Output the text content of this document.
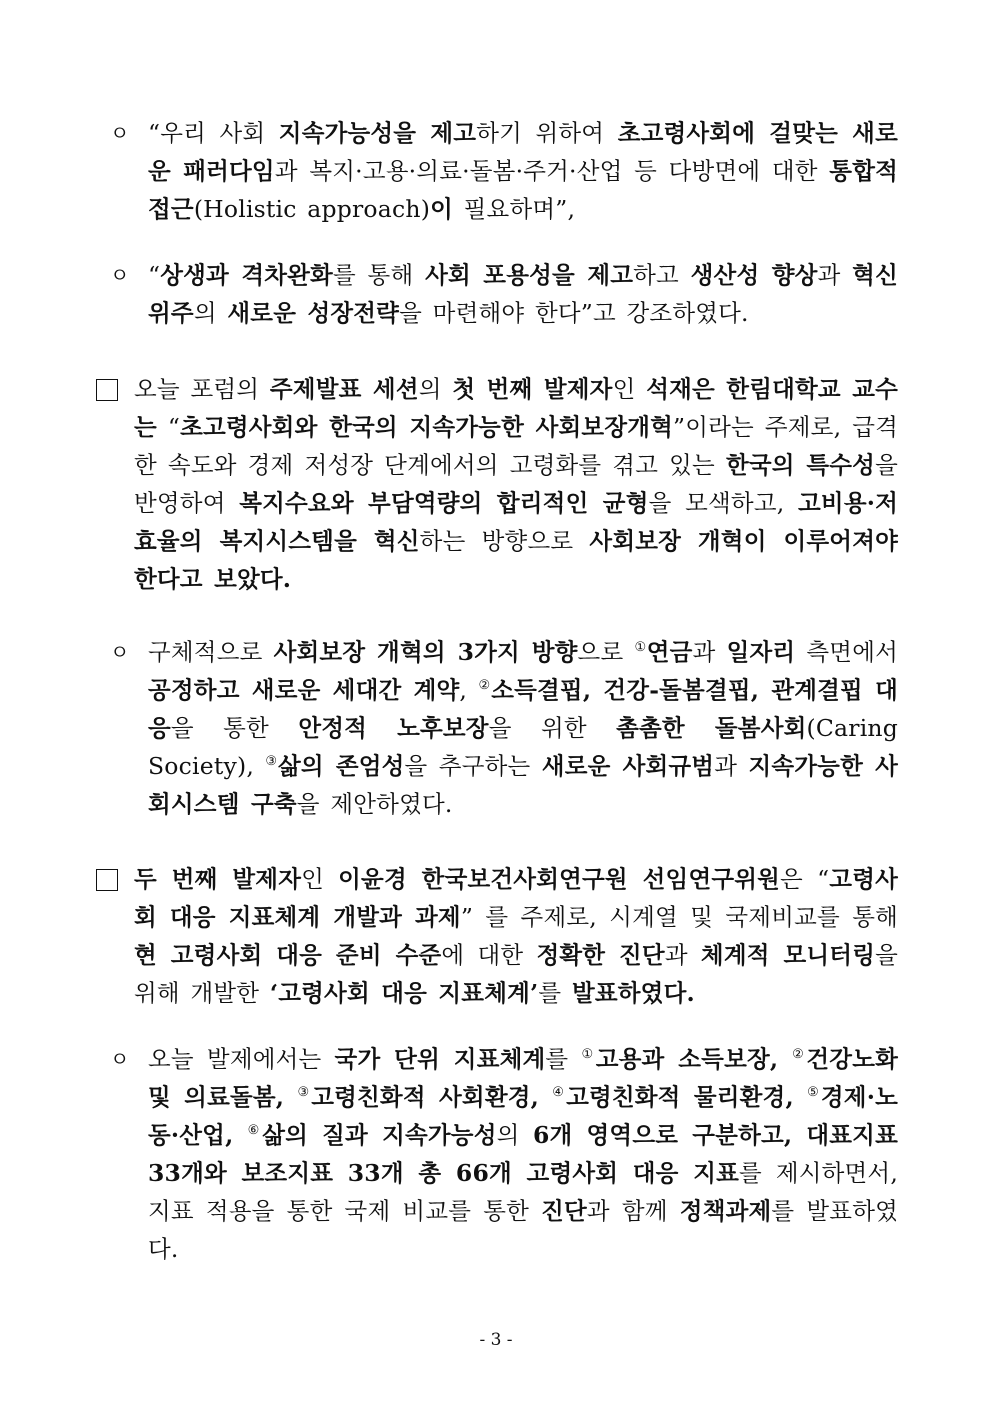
ㅇ “우리 사회 지속가능성을 제고하기 위하여 초고령사회에 걸맞는 새로운 패러다임과 복지·고용·의료·돌봄·주거·산업 등 다방면에 대한 통합적 접근(Holistic approach)이 필요하며”,
ㅇ “상생과 격차완화를 통해 사회 포용성을 제고하고 생산성 향상과 혁신 위주의 새로운 성장전략을 마련해야 한다”고 강조하였다.
오늘 포럼의 주제발표 세션의 첫 번째 발제자인 석재은 한림대학교 교수는 “초고령사회와 한국의 지속가능한 사회보장개혁”이라는 주제로, 급격한 속도와 경제 저성장 단계에서의 고령화를 겪고 있는 한국의 특수성을 반영하여 복지수요와 부담역량의 합리적인 균형을 모색하고, 고비용·저효율의 복지시스템을 혁신하는 방향으로 사회보장 개혁이 이루어져야 한다고 보았다.
ㅇ 구체적으로 사회보장 개혁의 3가지 방향으로 ①연금과 일자리 측면에서 공정하고 새로운 세대간 계약, ②소득결핍, 건강-돌봄결핍, 관계결핍 대응을 통한 안정적 노후보장을 위한 촘촘한 돌봄사회(Caring Society), ③삶의 존엄성을 추구하는 새로운 사회규범과 지속가능한 사회시스템 구축을 제안하였다.
두 번째 발제자인 이윤경 한국보건사회연구원 선임연구위원은 “고령사회 대응 지표체계 개발과 과제” 를 주제로, 시계열 및 국제비교를 통해 현 고령사회 대응 준비 수준에 대한 정확한 진단과 체계적 모니터링을 위해 개발한 ‘고령사회 대응 지표체계’를 발표하였다.
ㅇ 오늘 발제에서는 국가 단위 지표체계를 ①고용과 소득보장, ②건강노화 및 의료돌봄, ③고령친화적 사회환경, ④고령친화적 물리환경, ⑤경제·노동·산업, ⑥삶의 질과 지속가능성의 6개 영역으로 구분하고, 대표지표 33개와 보조지표 33개 총 66개 고령사회 대응 지표를 제시하면서, 지표 적용을 통한 국제 비교를 통한 진단과 함께 정책과제를 발표하였다.
- 3 -
